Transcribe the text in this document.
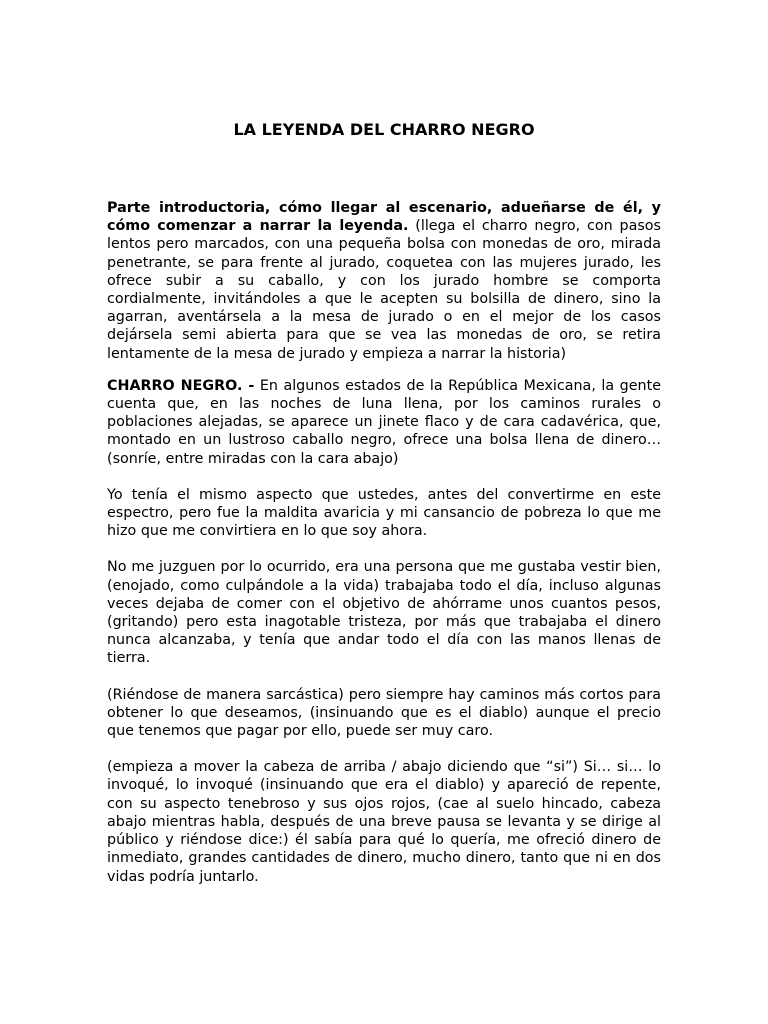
LA LEYENDA DEL CHARRO NEGRO

Parte introductoria, cómo llegar al escenario, adueñarse de él, y cómo comenzar a narrar la leyenda. (llega el charro negro, con pasos lentos pero marcados, con una pequeña bolsa con monedas de oro, mirada penetrante, se para frente al jurado, coquetea con las mujeres jurado, les ofrece subir a su caballo, y con los jurado hombre se comporta cordialmente, invitándoles a que le acepten su bolsilla de dinero, sino la agarran, aventársela a la mesa de jurado o en el mejor de los casos dejársela semi abierta para que se vea las monedas de oro, se retira lentamente de la mesa de jurado y empieza a narrar la historia)

CHARRO NEGRO. - En algunos estados de la República Mexicana, la gente cuenta que, en las noches de luna llena, por los caminos rurales o poblaciones alejadas, se aparece un jinete flaco y de cara cadavérica, que, montado en un lustroso caballo negro, ofrece una bolsa llena de dinero… (sonríe, entre miradas con la cara abajo)

Yo tenía el mismo aspecto que ustedes, antes del convertirme en este espectro, pero fue la maldita avaricia y mi cansancio de pobreza lo que me hizo que me convirtiera en lo que soy ahora.

No me juzguen por lo ocurrido, era una persona que me gustaba vestir bien, (enojado, como culpándole a la vida) trabajaba todo el día, incluso algunas veces dejaba de comer con el objetivo de ahórrame unos cuantos pesos, (gritando) pero esta inagotable tristeza, por más que trabajaba el dinero nunca alcanzaba, y tenía que andar todo el día con las manos llenas de tierra.

(Riéndose de manera sarcástica) pero siempre hay caminos más cortos para obtener lo que deseamos, (insinuando que es el diablo) aunque el precio que tenemos que pagar por ello, puede ser muy caro.

(empieza a mover la cabeza de arriba / abajo diciendo que “si”) Si… si… lo invoqué, lo invoqué (insinuando que era el diablo) y apareció de repente, con su aspecto tenebroso y sus ojos rojos, (cae al suelo hincado, cabeza abajo mientras habla, después de una breve pausa se levanta y se dirige al público y riéndose dice:) él sabía para qué lo quería, me ofreció dinero de inmediato, grandes cantidades de dinero, mucho dinero, tanto que ni en dos vidas podría juntarlo.
